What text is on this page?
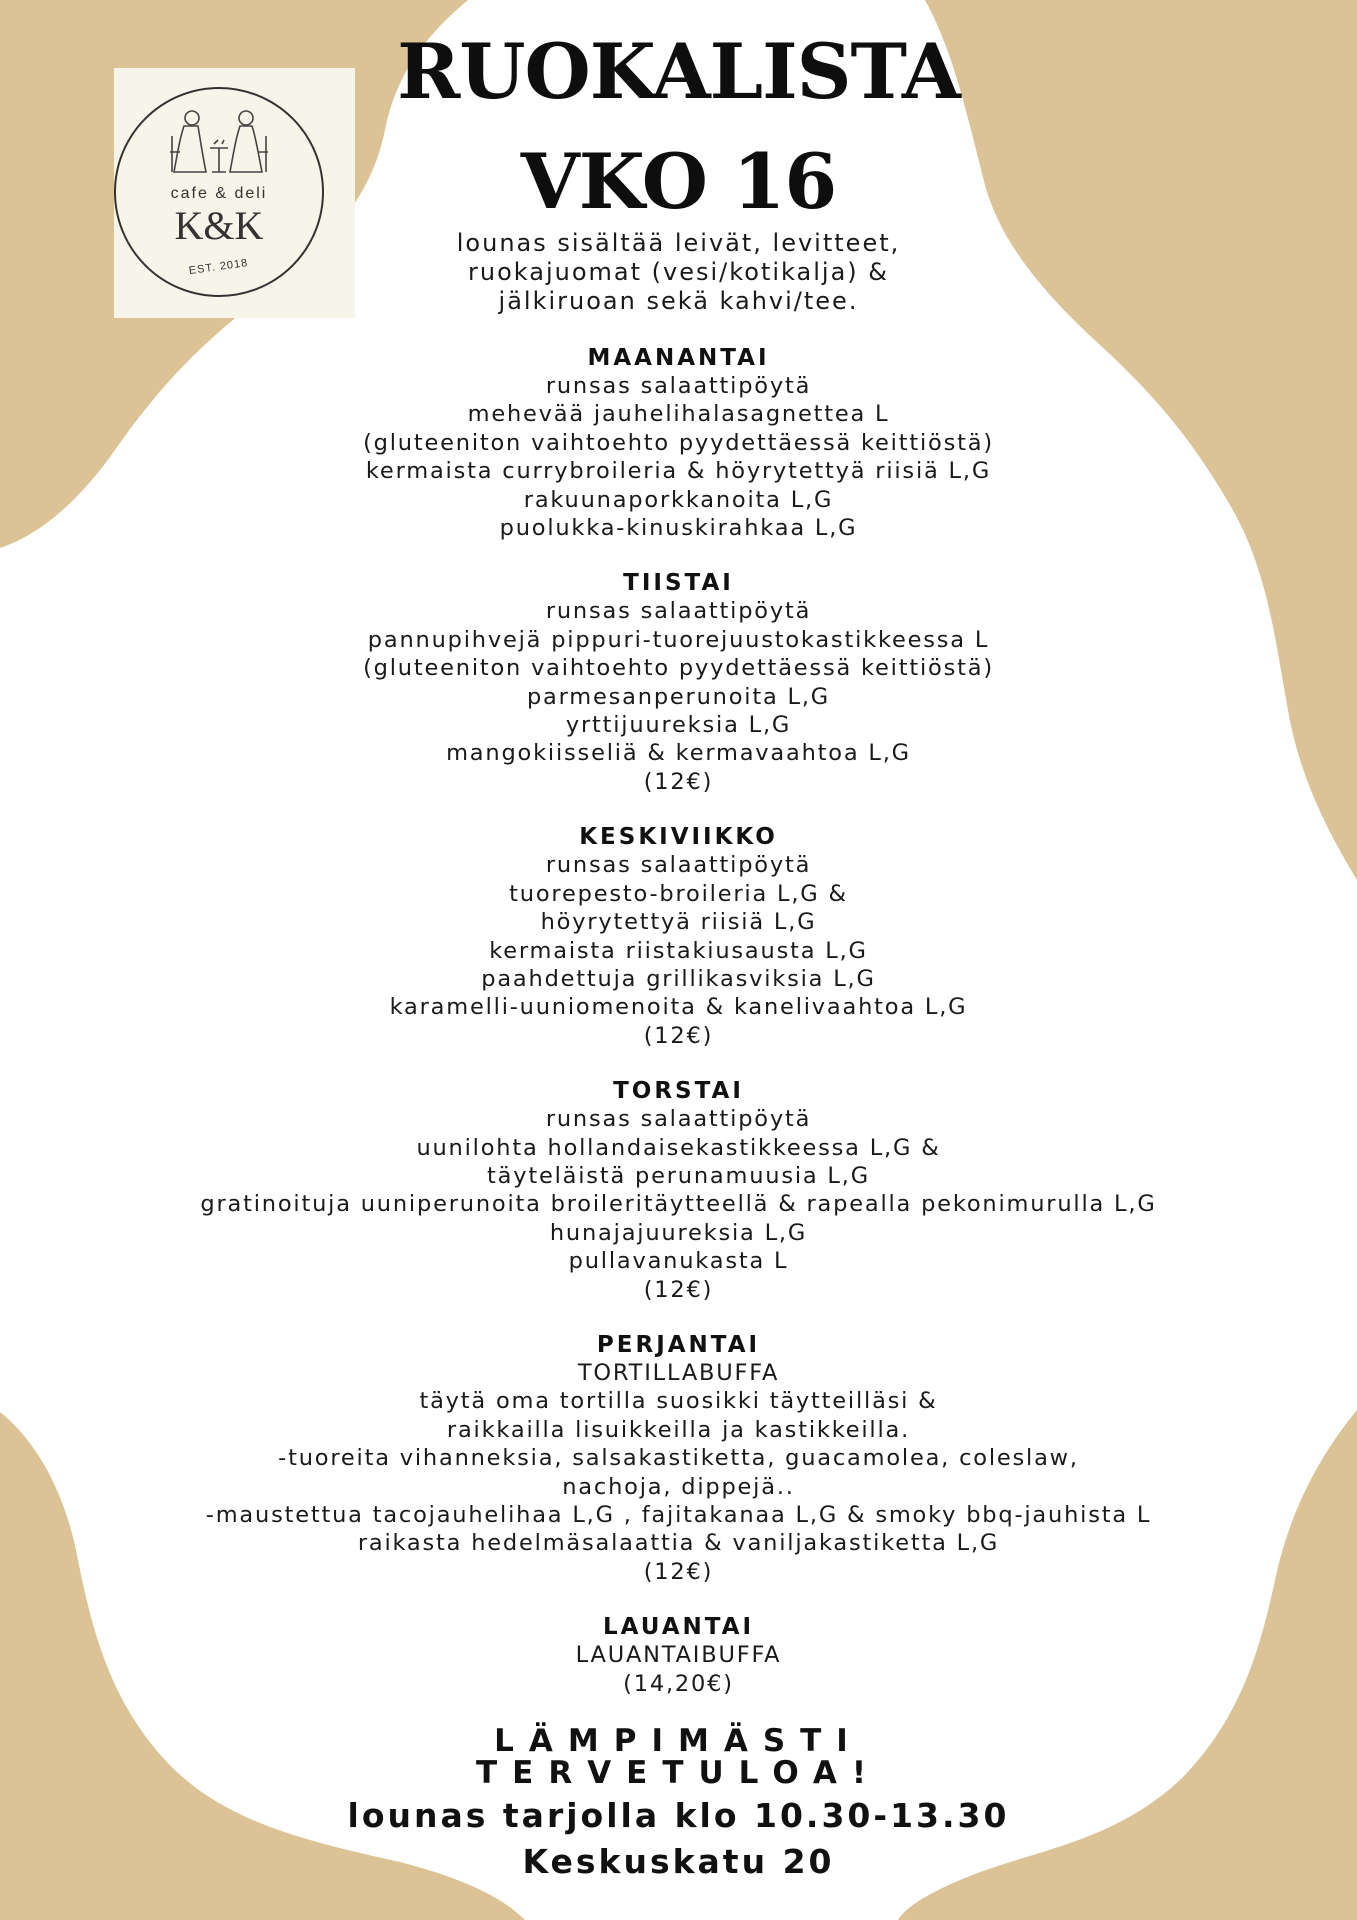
cafe & deli
K&K
EST. 2018
RUOKALISTA
VKO 16
lounas sisältää leivät, levitteet,
ruokajuomat (vesi/kotikalja) &
jälkiruoan sekä kahvi/tee.
MAANANTAI
runsas salaattipöytä
mehevää jauhelihalasagnettea L
(gluteeniton vaihtoehto pyydettäessä keittiöstä)
kermaista currybroileria & höyrytettyä riisiä L,G
rakuunaporkkanoita L,G
puolukka-kinuskirahkaa L,G
TIISTAI
runsas salaattipöytä
pannupihvejä pippuri-tuorejuustokastikkeessa L
(gluteeniton vaihtoehto pyydettäessä keittiöstä)
parmesanperunoita L,G
yrttijuureksia L,G
mangokiisseliä & kermavaahtoa L,G
(12€)
KESKIVIIKKO
runsas salaattipöytä
tuorepesto-broileria L,G &
höyrytettyä riisiä L,G
kermaista riistakiusausta L,G
paahdettuja grillikasviksia L,G
karamelli-uuniomenoita & kanelivaahtoa L,G
(12€)
TORSTAI
runsas salaattipöytä
uunilohta hollandaisekastikkeessa L,G &
täyteläistä perunamuusia L,G
gratinoituja uuniperunoita broileritäytteellä & rapealla pekonimurulla L,G
hunajajuureksia L,G
pullavanukasta L
(12€)
PERJANTAI
TORTILLABUFFA
täytä oma tortilla suosikki täytteilläsi &
raikkailla lisuikkeilla ja kastikkeilla.
-tuoreita vihanneksia, salsakastiketta, guacamolea, coleslaw,
nachoja, dippejä..
-maustettua tacojauhelihaa L,G , fajitakanaa L,G & smoky bbq-jauhista L
raikasta hedelmäsalaattia & vaniljakastiketta L,G
(12€)
LAUANTAI
LAUANTAIBUFFA
(14,20€)
LÄMPIMÄSTI
TERVETULOA!
lounas tarjolla klo 10.30-13.30
Keskuskatu 20
